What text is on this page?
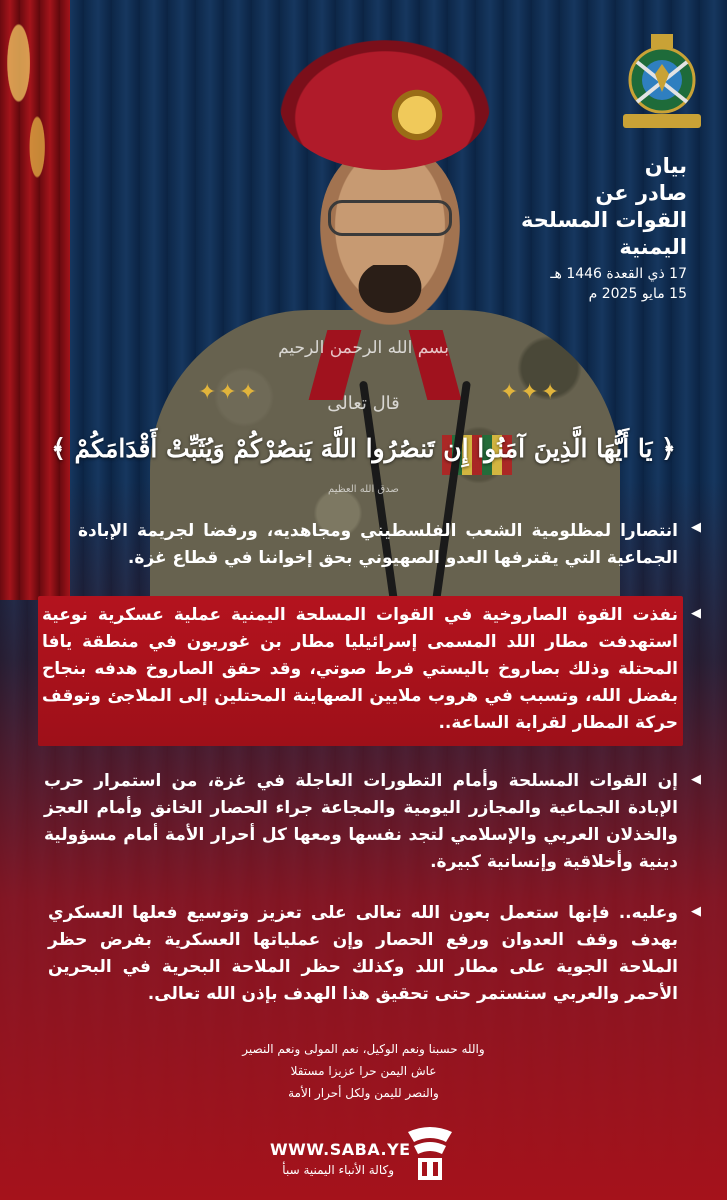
✦✦✦	✦✦✦
بيان
صادر عن
القوات المسلحة
اليمنية
17 ذي القعدة 1446 هـ
15 مايو 2025 م
بسم الله الرحمن الرحيم
قال تعالى
﴿ يَا أَيُّهَا الَّذِينَ آمَنُوا إِن تَنصُرُوا اللَّهَ يَنصُرْكُمْ وَيُثَبِّتْ أَقْدَامَكُمْ ﴾
صدق الله العظيم
◀
انتصارا لمظلومية الشعب الفلسطيني ومجاهديه، ورفضا لجريمة الإبادة الجماعية التي يقترفها العدو الصهيوني بحق إخواننا في قطاع غزة.
◀
نفذت القوة الصاروخية في القوات المسلحة اليمنية عملية عسكرية نوعية استهدفت مطار اللد المسمى إسرائيليا مطار بن غوريون في منطقة يافا المحتلة وذلك بصاروخ باليستي فرط صوتي، وقد حقق الصاروخ هدفه بنجاح بفضل الله، وتسبب في هروب ملايين الصهاينة المحتلين إلى الملاجئ وتوقف حركة المطار لقرابة الساعة..
◀
إن القوات المسلحة وأمام التطورات العاجلة في غزة، من استمرار حرب الإبادة الجماعية والمجازر اليومية والمجاعة جراء الحصار الخانق وأمام العجز والخذلان العربي والإسلامي لتجد نفسها ومعها كل أحرار الأمة أمام مسؤولية دينية وأخلاقية وإنسانية كبيرة.
◀
وعليه.. فإنها ستعمل بعون الله تعالى على تعزيز وتوسيع فعلها العسكري بهدف وقف العدوان ورفع الحصار وإن عملياتها العسكرية بفرض حظر الملاحة الجوية على مطار اللد وكذلك حظر الملاحة البحرية في البحرين الأحمر والعربي ستستمر حتى تحقيق هذا الهدف بإذن الله تعالى.
والله حسبنا ونعم الوكيل، نعم المولى ونعم النصير
عاش اليمن حرا عزيزا مستقلا
والنصر لليمن ولكل أحرار الأمة
WWW.SABA.YE
وكالة الأنباء اليمنية سبأ
